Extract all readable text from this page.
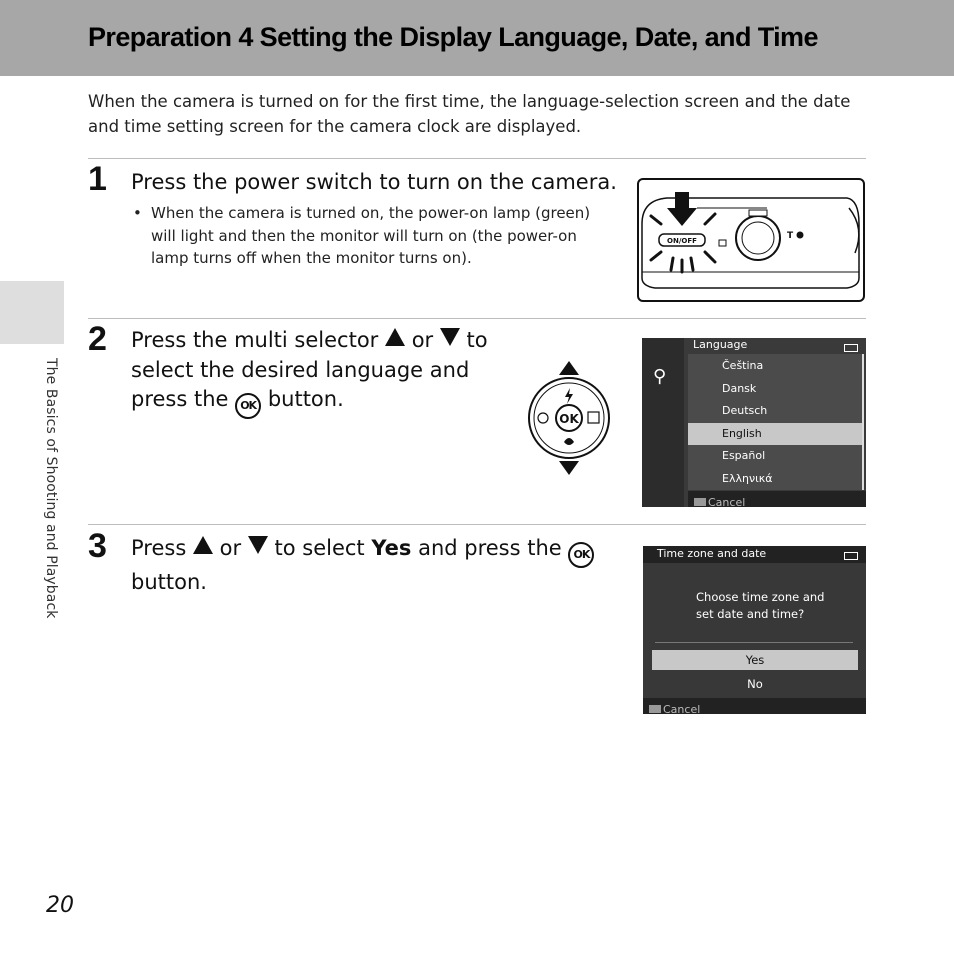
Preparation 4 Setting the Display Language, Date, and Time
When the camera is turned on for the first time, the language-selection screen and the date and time setting screen for the camera clock are displayed.
The Basics of Shooting and Playback
1 Press the power switch to turn on the camera.
• When the camera is turned on, the power-on lamp (green) will light and then the monitor will turn on (the power-on lamp turns off when the monitor turns on).
ON/OFF	T
2 Press the multi selector or to select the desired language and press the OK button.
OK
⚲
Language
Čeština
Dansk
Deutsch
English
Español
Ελληνικά
Cancel
3 Press or to select Yes and press the OK button.
Time zone and date
Choose time zone and
set date and time?
Yes
No
Cancel
20
